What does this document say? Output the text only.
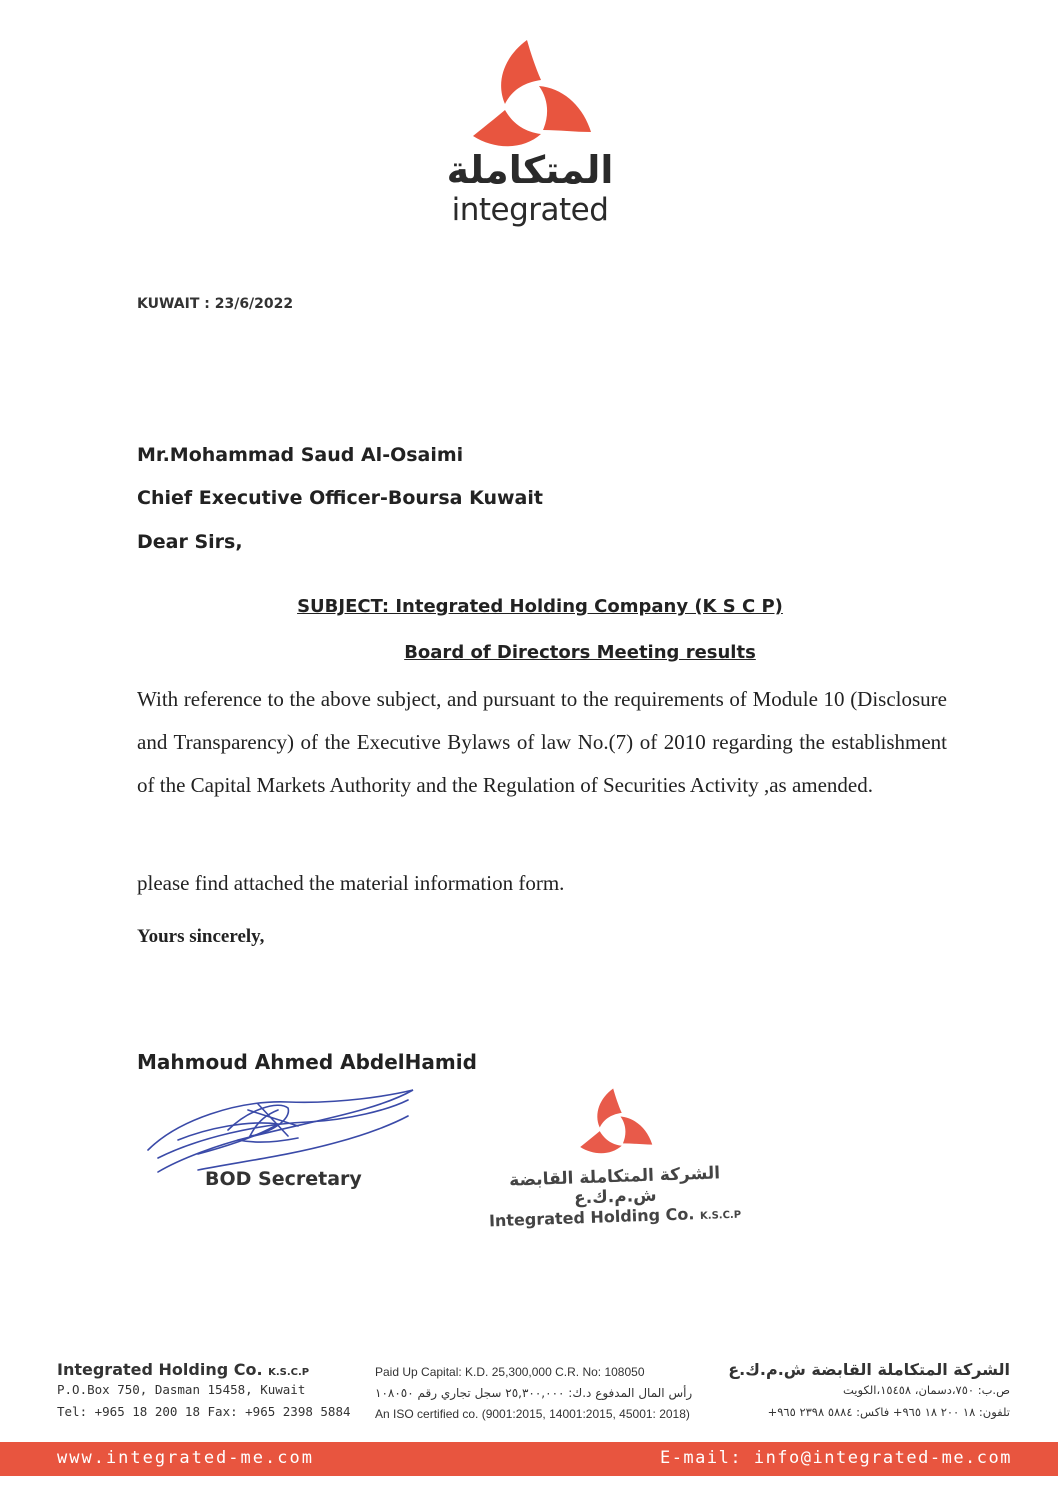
المتكاملة
integrated
KUWAIT : 23/6/2022
Mr.Mohammad Saud Al-Osaimi
Chief Executive Officer-Boursa Kuwait
Dear Sirs,
SUBJECT: Integrated Holding Company (K S C P)
Board of Directors Meeting results
With reference to the above subject, and pursuant to the requirements of Module 10 (Disclosure and Transparency) of the Executive Bylaws of law No.(7) of 2010 regarding the establishment of the Capital Markets Authority and the Regulation of Securities Activity ,as amended.
please find attached the material information form.
Yours sincerely,
Mahmoud Ahmed AbdelHamid
BOD Secretary	الشركة المتكاملة القابضة ش.م.ك.ع
Integrated Holding Co. K.S.C.P
Integrated Holding Co. K.S.C.P
P.O.Box 750, Dasman 15458, Kuwait
Tel: +965 18 200 18 Fax: +965 2398 5884
Paid Up Capital: K.D. 25,300,000 C.R. No: 108050
رأس المال المدفوع د.ك: ٢٥,٣٠٠,٠٠٠ سجل تجاري رقم ١٠٨٠٥٠
An ISO certified co. (9001:2015, 14001:2015, 45001: 2018)
الشركة المتكاملة القابضة ش.م.ك.ع
ص.ب: ٧٥٠،دسمان، ١٥٤٥٨،الكويت
تلفون: ١٨ ٢٠٠ ١٨ ٩٦٥+ فاكس: ٥٨٨٤ ٢٣٩٨ ٩٦٥+
www.integrated-me.com	E-mail: info@integrated-me.com
